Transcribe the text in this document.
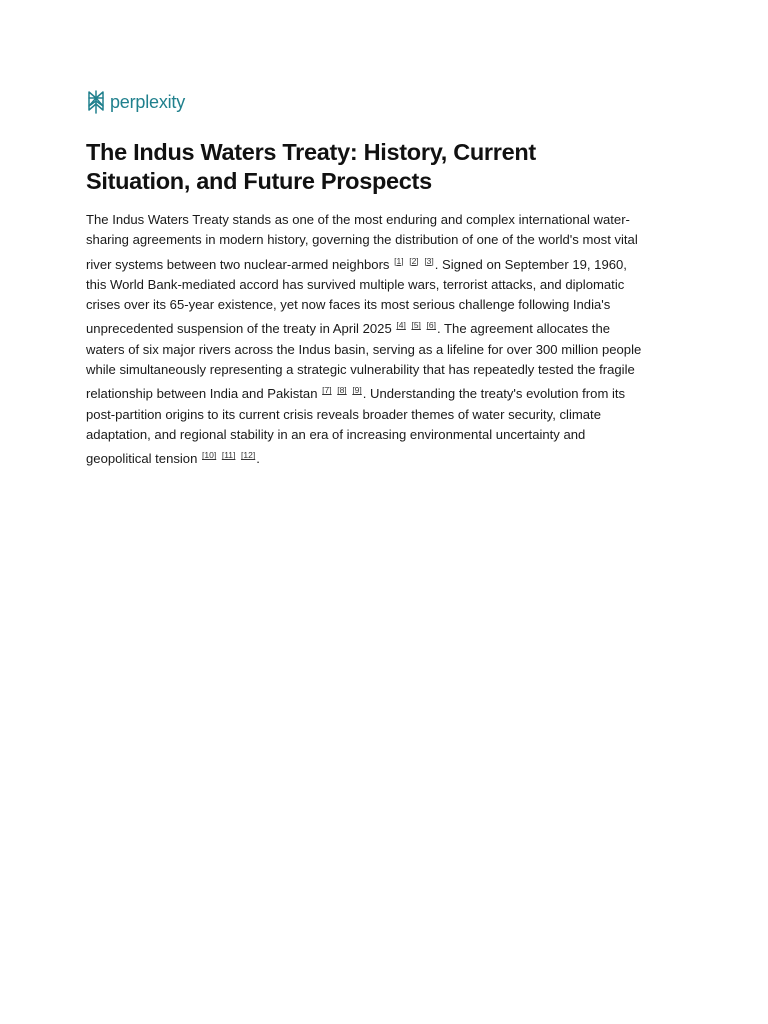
perplexity
The Indus Waters Treaty: History, Current
Situation, and Future Prospects

The Indus Waters Treaty stands as one of the most enduring and complex international water-
sharing agreements in modern history, governing the distribution of one of the world's most vital
river systems between two nuclear-armed neighbors [1] [2] [3]. Signed on September 19, 1960,
this World Bank-mediated accord has survived multiple wars, terrorist attacks, and diplomatic
crises over its 65-year existence, yet now faces its most serious challenge following India's
unprecedented suspension of the treaty in April 2025 [4] [5] [6]. The agreement allocates the
waters of six major rivers across the Indus basin, serving as a lifeline for over 300 million people
while simultaneously representing a strategic vulnerability that has repeatedly tested the fragile
relationship between India and Pakistan [7] [8] [9]. Understanding the treaty's evolution from its
post-partition origins to its current crisis reveals broader themes of water security, climate
adaptation, and regional stability in an era of increasing environmental uncertainty and
geopolitical tension [10] [11] [12].
